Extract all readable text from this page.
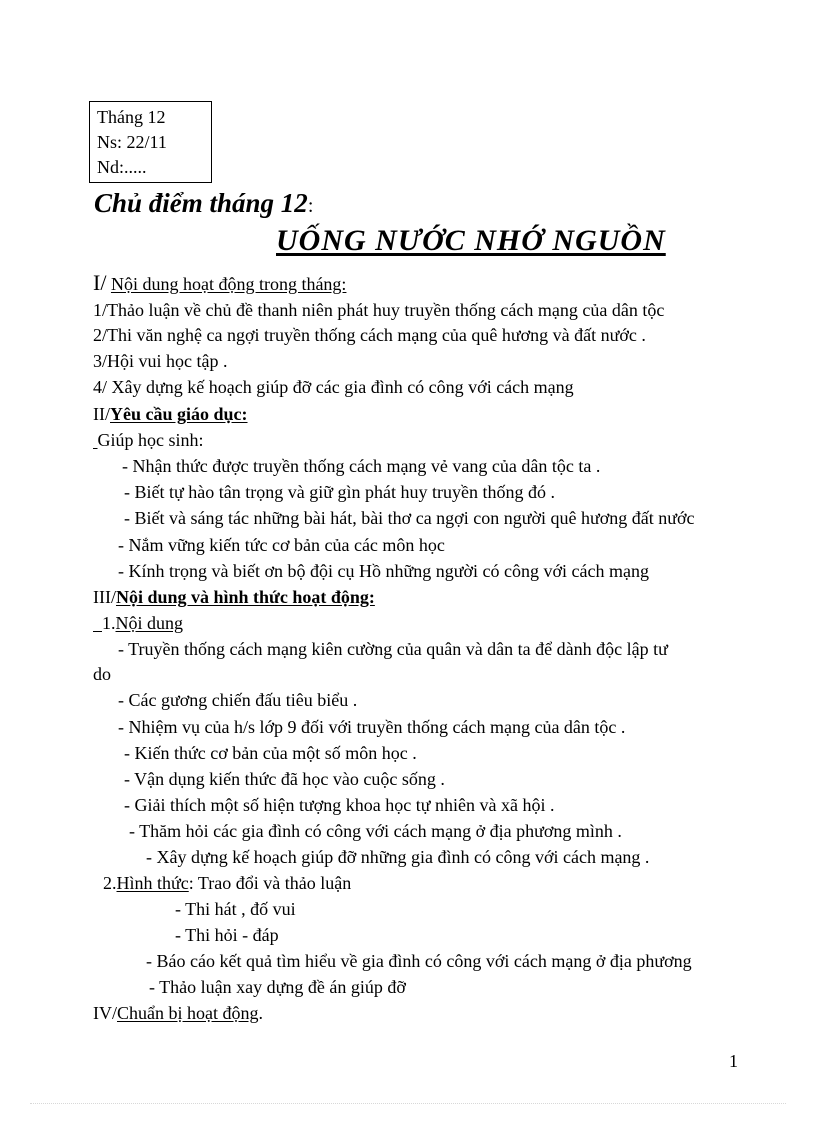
Tháng 12
Ns: 22/11
Nd:.....
Chủ điểm tháng 12:
UỐNG NƯỚC NHỚ NGUỒN
I/ Nội dung hoạt động trong tháng:
1/Thảo luận về chủ đề thanh niên phát huy truyền thống cách mạng của dân tộc
2/Thi văn nghệ ca ngợi truyền thống cách mạng của quê hương và đất nước .
3/Hội vui học tập .
4/ Xây dựng kế hoạch giúp đỡ các gia đình có công với cách mạng
II/Yêu cầu giáo dục:
Giúp học sinh:
- Nhận thức được truyền thống cách mạng vẻ vang của dân tộc ta .
- Biết tự hào tân trọng và giữ gìn phát huy truyền thống đó .
- Biết và sáng tác những bài hát, bài thơ ca ngợi con người quê hương đất nước
- Nắm vững kiến tức cơ bản của các môn học
- Kính trọng và biết ơn bộ đội cụ Hồ những người có công với cách mạng
III/Nội dung và hình thức hoạt động:
1.Nội dung
- Truyền thống cách mạng kiên cường của quân và dân ta để dành độc lập tư
do
- Các gương chiến đấu tiêu biểu .
- Nhiệm vụ của h/s lớp 9 đối với truyền thống cách mạng của dân tộc .
- Kiến thức cơ bản của một số môn học .
- Vận dụng kiến thức đã học vào cuộc sống .
- Giải thích một số hiện tượng khoa học tự nhiên và xã hội .
- Thăm hỏi các gia đình có công với cách mạng ở địa phương mình .
- Xây dựng kế hoạch giúp đỡ những gia đình có công với cách mạng .
2.Hình thức: Trao đổi và thảo luận
- Thi hát , đố vui
- Thi hỏi - đáp
- Báo cáo kết quả tìm hiểu về gia đình có công với cách mạng ở địa phương
- Thảo luận xay dựng đề án giúp đỡ
IV/Chuẩn bị hoạt động.
1
